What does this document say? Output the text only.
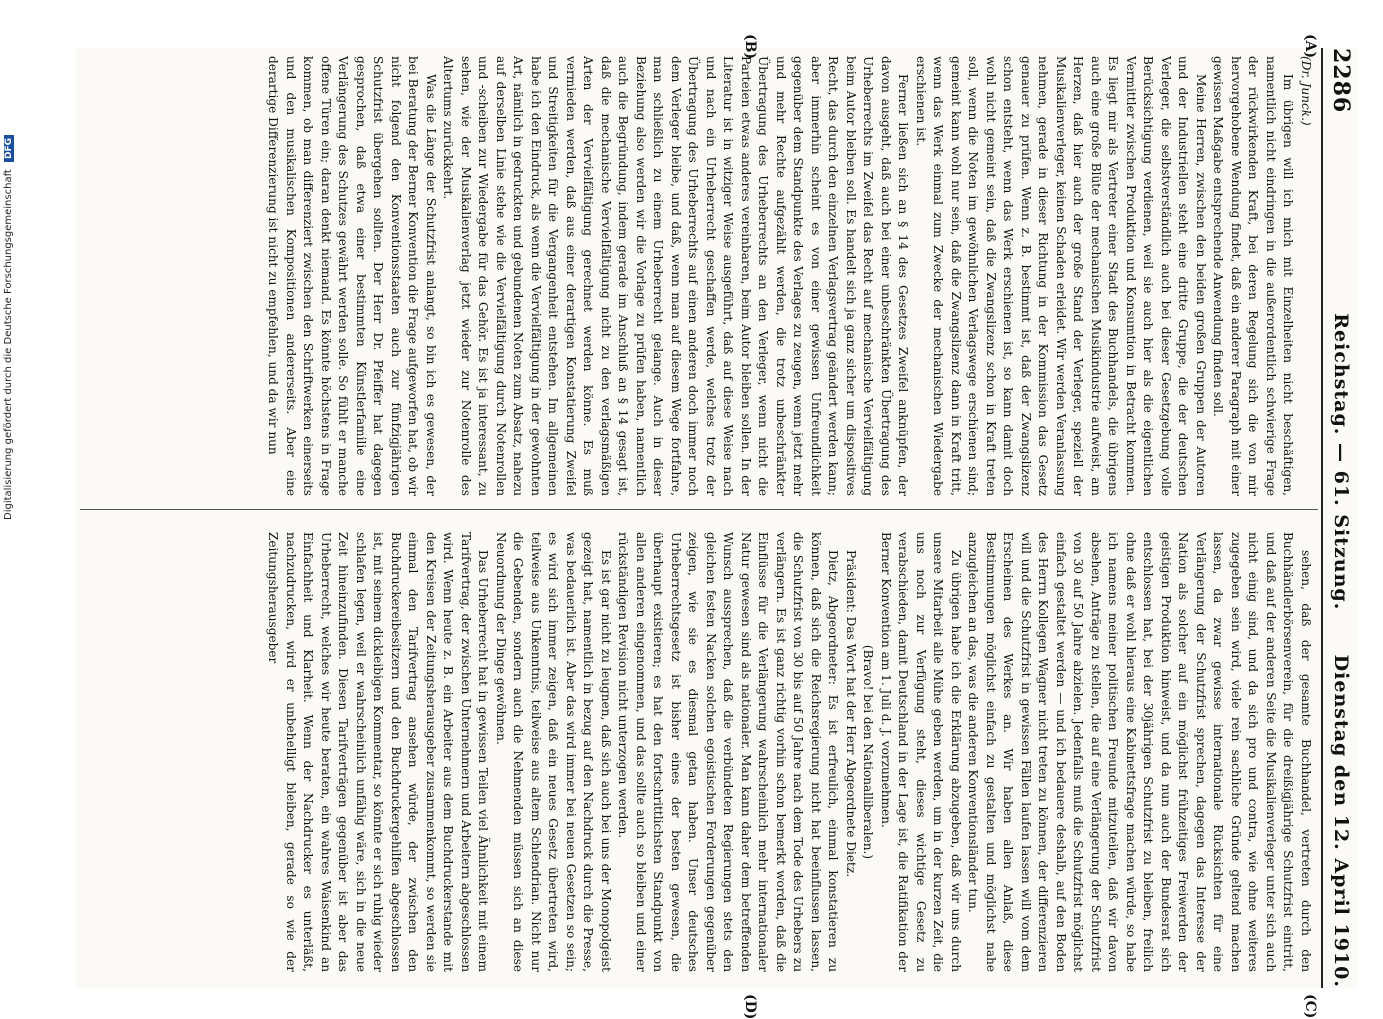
2286
Reichstag. — 61. Sitzung.
Dienstag den 12. April 1910.
(A)
(B)
(C)
(D)

(Dr. Junck.)

Im übrigen will ich mich mit Einzelheiten nicht beschäftigen, namentlich nicht eindringen in die außerordentlich schwierige Frage der rückwirkenden Kraft, bei deren Regelung sich die von mir hervorgehobene Wendung findet, daß ein anderer Paragraph mit einer gewissen Maßgabe entsprechende Anwendung finden soll.

Meine Herren, zwischen den beiden großen Gruppen der Autoren und der Industriellen steht eine dritte Gruppe, die der deutschen Verleger, die selbstverständlich auch bei dieser Gesetzgebung volle Berücksichtigung verdienen, weil sie auch hier als die eigentlichen Vermittler zwischen Produktion und Konsumtion in Betracht kommen. Es liegt mir als Vertreter einer Stadt des Buchhandels, die übrigens auch eine große Blüte der mechanischen Musikindustrie aufweist, am Herzen, daß hier auch der große Stand der Verleger, speziell der Musikalienverleger, keinen Schaden erleidet. Wir werden Veranlassung nehmen, gerade in dieser Richtung in der Kommission das Gesetz genauer zu prüfen. Wenn z. B. bestimmt ist, daß der Zwangslizenz schon entsteht, wenn das Werk erschienen ist, so kann damit doch wohl nicht gemeint sein, daß die Zwangslizenz schon in Kraft treten soll, wenn die Noten im gewöhnlichen Verlagswege erschienen sind; gemeint kann wohl nur sein, daß die Zwangslizenz dann in Kraft tritt, wenn das Werk einmal zum Zwecke der mechanischen Wiedergabe erschienen ist.

Ferner ließen sich an § 14 des Gesetzes Zweifel anknüpfen, der davon ausgeht, daß auch bei einer unbeschränkten Übertragung des Urheberrechts im Zweifel das Recht auf mechanische Vervielfältigung beim Autor bleiben soll. Es handelt sich ja ganz sicher um dispositives Recht, das durch den einzelnen Verlagsvertrag geändert werden kann; aber immerhin scheint es von einer gewissen Unfreundlichkeit gegenüber dem Standpunkte des Verlages zu zeugen, wenn jetzt mehr und mehr Rechte aufgezählt werden, die trotz unbeschränkter Übertragung des Urheberrechts an den Verleger, wenn nicht die Parteien etwas anderes vereinbaren, beim Autor bleiben sollen. In der Literatur ist in witziger Weise ausgeführt, daß auf diese Weise nach und nach ein Urheberrecht geschaffen werde, welches trotz der Übertragung des Urheberrechts auf einen anderen doch immer noch dem Verleger bleibe, und daß, wenn man auf diesem Wege fortfahre, man schließlich zu einem Urheberrecht gelange. Auch in dieser Beziehung also werden wir die Vorlage zu prüfen haben, namentlich auch die Begründung, indem gerade im Anschluß an § 14 gesagt ist, daß die mechanische Vervielfältigung nicht zu den verlagsmäßigen Arten der Vervielfältigung gerechnet werden könne. Es muß vermieden werden, daß aus einer derartigen Konstatierung Zweifel und Streitigkeiten für die Vergangenheit entstehen. Im allgemeinen habe ich den Eindruck, als wenn die Vervielfältigung in der gewohnten Art, nämlich in gedruckten und gebundenen Noten zum Absatz, nahezu auf derselben Linie stehe wie die Vervielfältigung durch Notenrollen und -scheiben zur Wiedergabe für das Gehör. Es ist ja interessant, zu sehen, wie der Musikalienverlag jetzt wieder zur Notenrolle des Altertums zurückkehrt.

Was die Länge der Schutzfrist anlangt, so bin ich es gewesen, der bei Beratung der Berner Konvention die Frage aufgeworfen hat, ob wir nicht folgend den Konventionsstaaten auch zur fünfzigjährigen Schutzfrist übergehen sollten. Der Herr Dr. Pfeiffer hat dagegen gesprochen, daß etwa einer bestimmten Künstlerfamilie eine Verlängerung des Schutzes gewährt werden solle. So fühlt er manche offene Türen ein; daran denkt niemand. Es könnte höchstens in Frage kommen, ob man differenziert zwischen den Schriftwerken einerseits und den musikalischen Kompositionen andererseits. Aber eine derartige Differenzierung ist nicht zu empfehlen, und da wir nun

sehen, daß der gesamte Buchhandel, vertreten durch den Buchhändlerbörsenverein, für die dreißigjährige Schutzfrist eintritt, und daß auf der anderen Seite die Musikalienverleger unter sich auch nicht einig sind, und da sich pro und contra, wie ohne weiteres zugegeben sein wird, viele rein sachliche Gründe geltend machen lassen, da zwar gewisse internationale Rücksichten für eine Verlängerung der Schutzfrist sprechen, dagegen das Interesse der Nation als solcher auf ein möglichst frühzeitiges Freiwerden der geistigen Produktion hinweist, und da nun auch der Bundesrat sich entschlossen hat, bei der 30jährigen Schutzfrist zu bleiben, freilich ohne daß er wohl hieraus eine Kabinettsfrage machen würde, so habe ich namens meiner politischen Freunde mitzuteilen, daß wir davon absehen, Anträge zu stellen, die auf eine Verlängerung der Schutzfrist von 30 auf 50 Jahre abzielen. Jedenfalls muß die Schutzfrist möglichst einfach gestaltet werden — und ich bedauere deshalb, auf den Boden des Herrn Kollegen Wagner nicht treten zu können, der differenzieren will und die Schutzfrist in gewissen Fällen laufen lassen will vom dem Erscheinen des Werkes an. Wir haben allen Anlaß, diese Bestimmungen möglichst einfach zu gestalten und möglichst nahe anzugleichen an das, was die anderen Konventionsländer tun.

Zu übrigen habe ich die Erklärung abzugeben, daß wir uns durch unsere Mitarbeit alle Mühe geben werden, um in der kurzen Zeit, die uns noch zur Verfügung steht, dieses wichtige Gesetz zu verabschieden, damit Deutschland in der Lage ist, die Ratifikation der Berner Konvention am 1. Juli d. J. vorzunehmen.

(Bravo! bei den Nationalliberalen.)

Präsident: Das Wort hat der Herr Abgeordnete Dietz.

Dietz, Abgeordneter: Es ist erfreulich, einmal konstatieren zu können, daß sich die Reichsregierung nicht hat beeinflussen lassen, die Schutzfrist von 30 bis auf 50 Jahre nach dem Tode des Urhebers zu verlängern. Es ist ganz richtig vorhin schon bemerkt worden, daß die Einflüsse für die Verlängerung wahrscheinlich mehr internationaler Natur gewesen sind als nationaler. Man kann daher dem betreffenden Wunsch aussprechen, daß die verbündeten Regierungen stets den gleichen festen Nacken solchen egoistischen Forderungen gegenüber zeigen, wie sie es diesmal getan haben. Unser deutsches Urheberrechtsgesetz ist bisher eines der besten gewesen, die überhaupt existieren; es hat den fortschrittlichsten Standpunkt von allen anderen eingenommen, und das sollte auch so bleiben und einer rückständigen Revision nicht unterzogen werden.

Es ist gar nicht zu leugnen, daß sich auch bei uns der Monopolgeist gezeigt hat, namentlich in bezug auf den Nachdruck durch die Presse, was bedauerlich ist. Aber das wird immer bei neuen Gesetzen so sein; es wird sich immer zeigen, daß ein neues Gesetz übertreten wird, teilweise aus Unkenntnis, teilweise aus altem Schlendrian. Nicht nur die Gebenden, sondern auch die Nehmenden müssen sich an diese Neuordnung der Dinge gewöhnen.

Das Urheberrecht hat in gewissen Teilen viel Ähnlichkeit mit einem Tarifvertrag, der zwischen Unternehmern und Arbeitern abgeschlossen wird. Wenn heute z. B. ein Arbeiter aus dem Buchdruckerstande mit den Kreisen der Zeitungsherausgeber zusammenkommt, so werden sie einmal den Tarifvertrag ansehen würde, der zwischen den Buchdruckereibesitzern und den Buchdruckergehilfen abgeschlossen ist, mit seinem dickleibigen Kommentar, so könnte er sich ruhig wieder schlafen legen, weil er wahrscheinlich unfähig wäre, sich in die neue Zeit hineinzufinden. Diesen Tarifverträgen gegenüber ist aber das Urheberrecht, welches wir heute beraten, ein wahres Waisenkind an Einfachheit und Klarheit. Wenn der Nachdrucker es unterläßt, nachzudrucken, wird er unbehelligt bleiben, gerade so wie der Zeitungsherausgeber

Digitalisierung gefördert durch die Deutsche Forschungsgemeinschaft DFG
